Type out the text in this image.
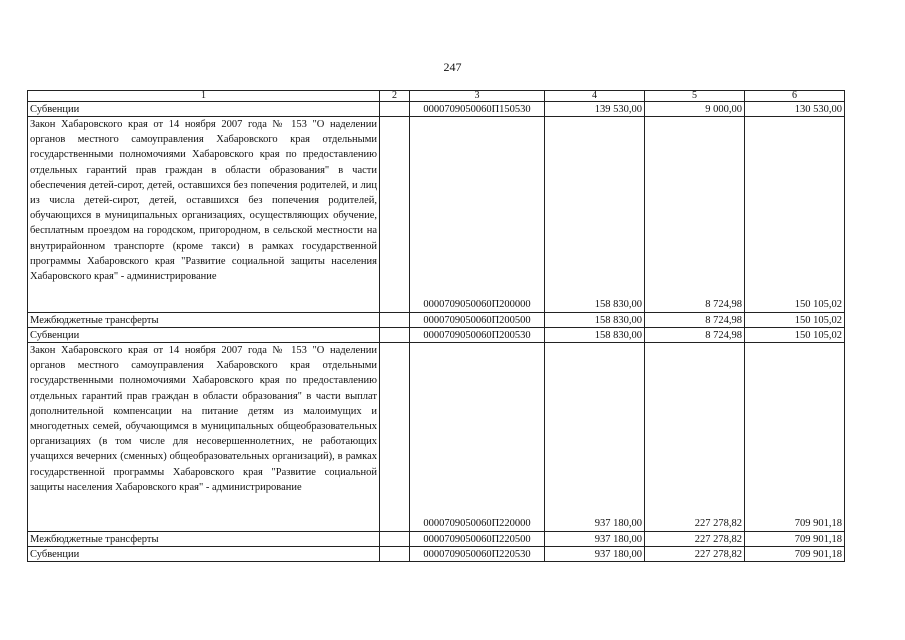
247
1	2	3	4	5	6
Субвенции		0000709050060П150530	139 530,00	9 000,00	130 530,00
Закон Хабаровского края от 14 ноября 2007 года № 153 "О наделении органов местного самоуправления Хабаровского края отдельными государственными полномочиями Хабаровского края по предоставлению отдельных гарантий прав граждан в области образования" в части обеспечения детей-сирот, детей, оставшихся без попечения родителей, и лиц из числа детей-сирот, детей, оставшихся без попечения родителей, обучающихся в муниципальных организациях, осуществляющих обучение, бесплатным проездом на городском, пригородном, в сельской местности на внутрирайонном транспорте (кроме такси) в рамках государственной программы Хабаровского края "Развитие социальной защиты населения Хабаровского края" - администрирование		0000709050060П200000	158 830,00	8 724,98	150 105,02
Межбюджетные трансферты		0000709050060П200500	158 830,00	8 724,98	150 105,02
Субвенции		0000709050060П200530	158 830,00	8 724,98	150 105,02
Закон Хабаровского края от 14 ноября 2007 года № 153 "О наделении органов местного самоуправления Хабаровского края отдельными государственными полномочиями Хабаровского края по предоставлению отдельных гарантий прав граждан в области образования" в части выплат дополнительной компенсации на питание детям из малоимущих и многодетных семей, обучающимся в муниципальных общеобразовательных организациях (в том числе для несовершеннолетних, не работающих учащихся вечерних (сменных) общеобразовательных организаций), в рамках государственной программы Хабаровского края "Развитие социальной защиты населения Хабаровского края" - администрирование		0000709050060П220000	937 180,00	227 278,82	709 901,18
Межбюджетные трансферты		0000709050060П220500	937 180,00	227 278,82	709 901,18
Субвенции		0000709050060П220530	937 180,00	227 278,82	709 901,18
